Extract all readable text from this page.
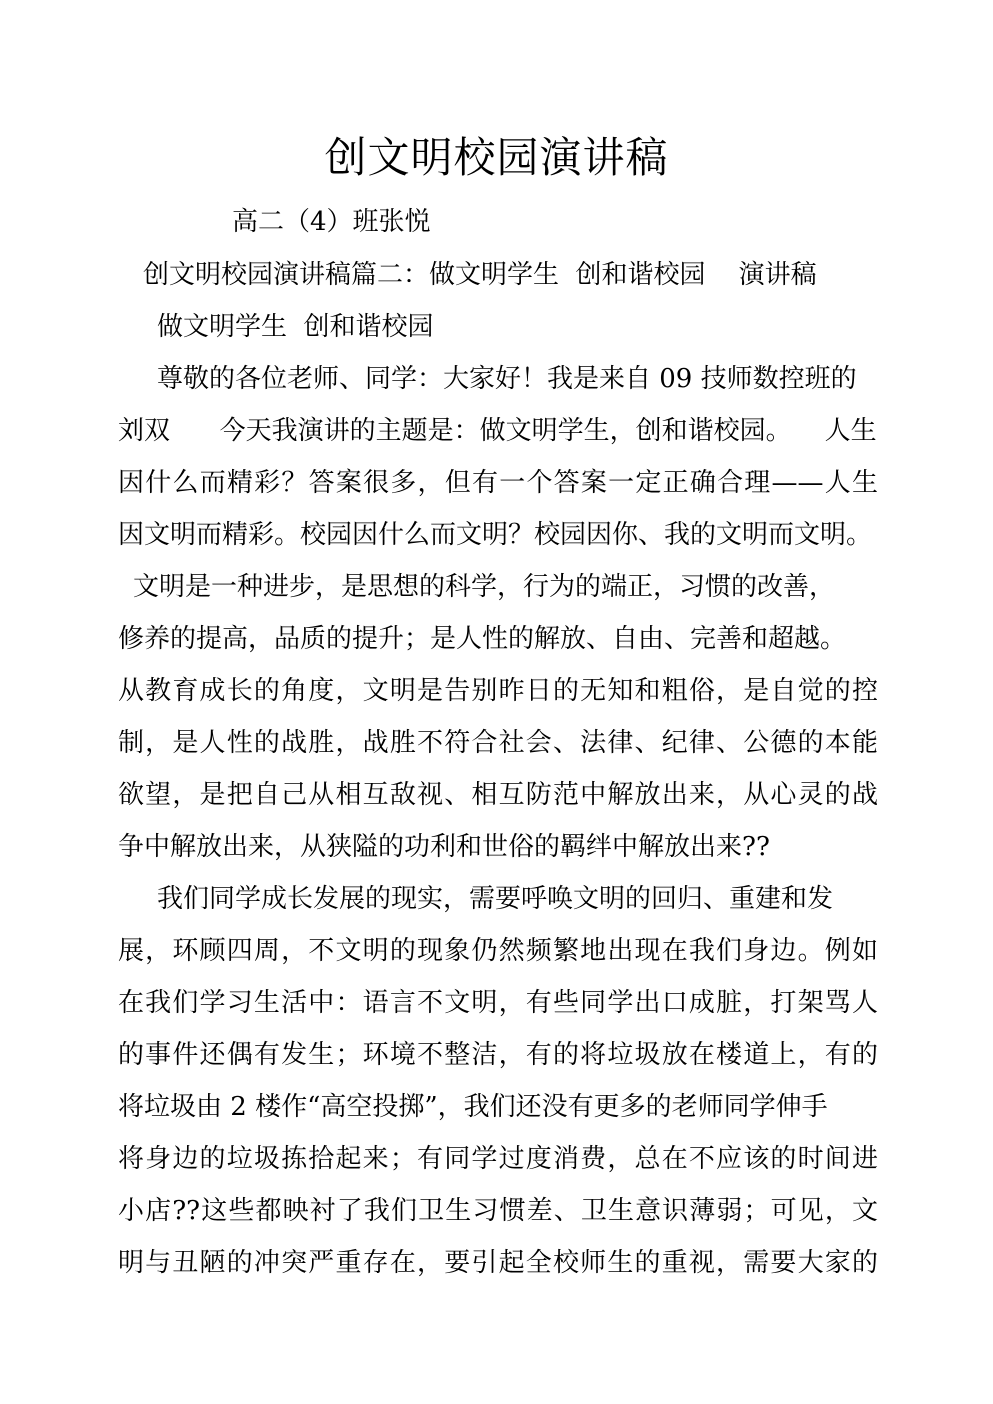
创文明校园演讲稿
高二（4）班张悦
创文明校园演讲稿篇二：做文明学生  创和谐校园    演讲稿
做文明学生  创和谐校园
尊敬的各位老师、同学：大家好！我是来自 09 技师数控班的
刘双      今天我演讲的主题是：做文明学生，创和谐校园。    人生
因什么而精彩？答案很多，但有一个答案一定正确合理——人生
因文明而精彩。校园因什么而文明？校园因你、我的文明而文明。
文明是一种进步，是思想的科学，行为的端正，习惯的改善，
修养的提高，品质的提升；是人性的解放、自由、完善和超越。
从教育成长的角度，文明是告别昨日的无知和粗俗，是自觉的控
制，是人性的战胜，战胜不符合社会、法律、纪律、公德的本能
欲望，是把自己从相互敌视、相互防范中解放出来，从心灵的战
争中解放出来，从狭隘的功利和世俗的羁绊中解放出来??
我们同学成长发展的现实，需要呼唤文明的回归、重建和发
展，环顾四周，不文明的现象仍然频繁地出现在我们身边。例如
在我们学习生活中：语言不文明，有些同学出口成脏，打架骂人
的事件还偶有发生；环境不整洁，有的将垃圾放在楼道上，有的
将垃圾由 2 楼作“高空投掷”，我们还没有更多的老师同学伸手
将身边的垃圾拣拾起来；有同学过度消费，总在不应该的时间进
小店??这些都映衬了我们卫生习惯差、卫生意识薄弱；可见，文
明与丑陋的冲突严重存在，要引起全校师生的重视，需要大家的
